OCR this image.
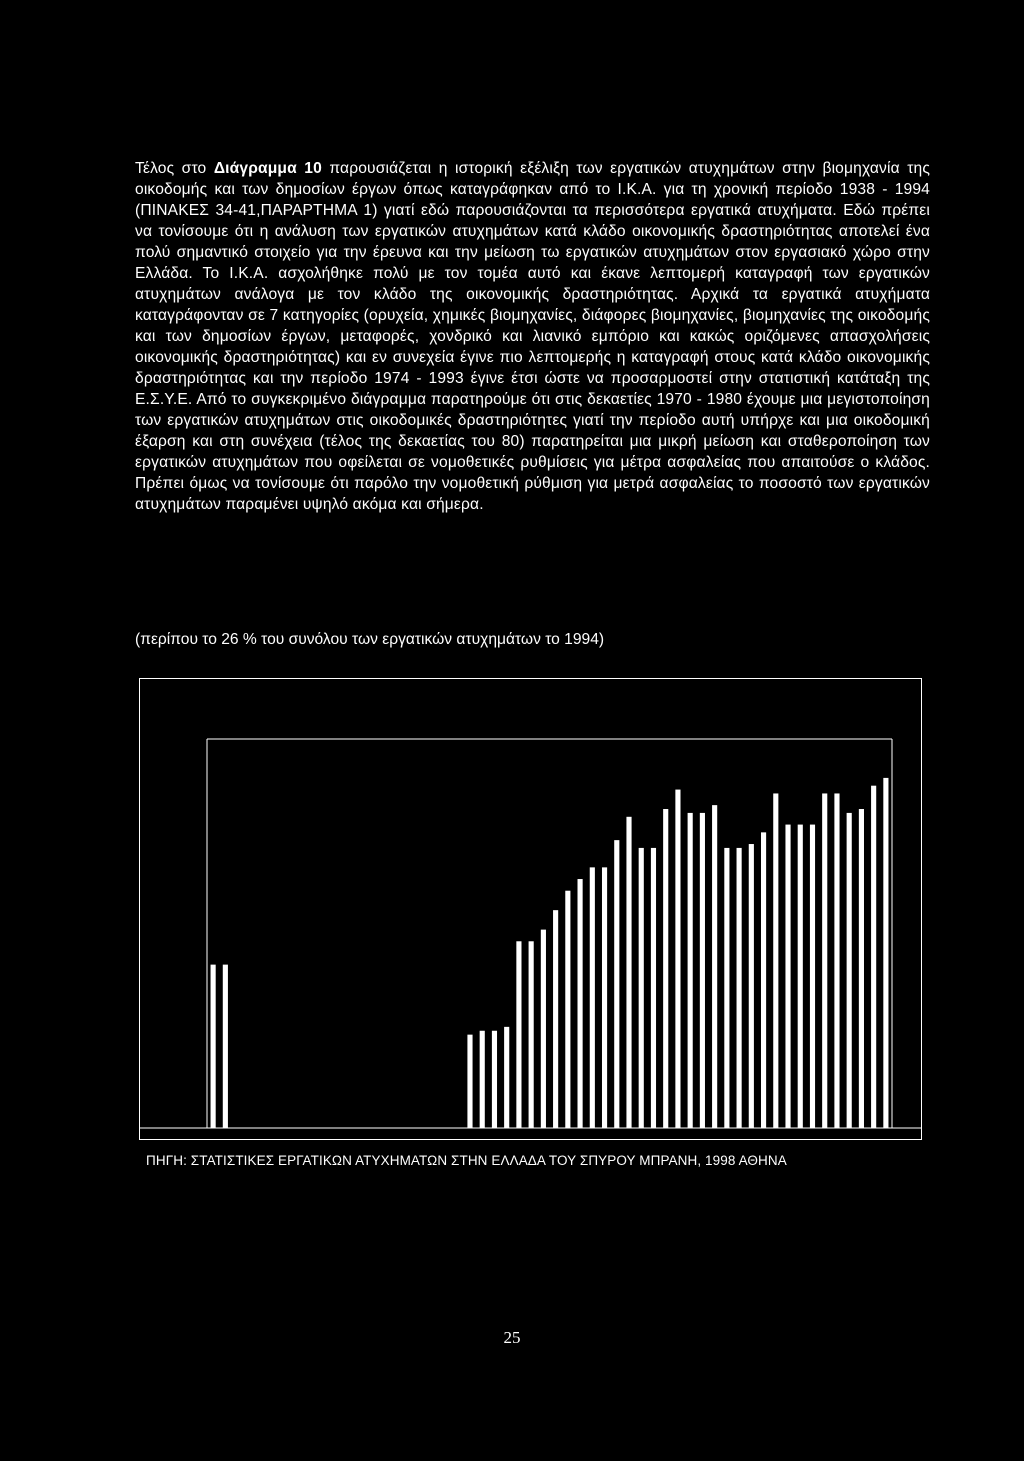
Τέλος στο Διάγραμμα 10 παρουσιάζεται η ιστορική εξέλιξη των εργατικών ατυχημάτων στην βιομηχανία της οικοδομής και των δημοσίων έργων όπως καταγράφηκαν από το Ι.Κ.Α. για τη χρονική περίοδο 1938 - 1994 (ΠΙΝΑΚΕΣ 34-41,ΠΑΡΑΡΤΗΜΑ 1) γιατί εδώ παρουσιάζονται τα περισσότερα εργατικά ατυχήματα. Εδώ πρέπει να τονίσουμε ότι η ανάλυση των εργατικών ατυχημάτων κατά κλάδο οικονομικής δραστηριότητας αποτελεί ένα πολύ σημαντικό στοιχείο για την έρευνα και την μείωση τω εργατικών ατυχημάτων στον εργασιακό χώρο στην Ελλάδα. Το Ι.Κ.Α. ασχολήθηκε πολύ με τον τομέα αυτό και έκανε λεπτομερή καταγραφή των εργατικών ατυχημάτων ανάλογα με τον κλάδο της οικονομικής δραστηριότητας. Αρχικά τα εργατικά ατυχήματα καταγράφονταν σε 7 κατηγορίες (ορυχεία, χημικές βιομηχανίες, διάφορες βιομηχανίες, βιομηχανίες της οικοδομής και των δημοσίων έργων, μεταφορές, χονδρικό και λιανικό εμπόριο και κακώς οριζόμενες απασχολήσεις οικονομικής δραστηριότητας) και εν συνεχεία έγινε πιο λεπτομερής η καταγραφή στους κατά κλάδο οικονομικής δραστηριότητας και την περίοδο 1974 - 1993 έγινε έτσι ώστε να προσαρμοστεί στην στατιστική κατάταξη της Ε.Σ.Υ.Ε. Από το συγκεκριμένο διάγραμμα παρατηρούμε ότι στις δεκαετίες 1970 - 1980 έχουμε μια μεγιστοποίηση των εργατικών ατυχημάτων στις οικοδομικές δραστηριότητες γιατί την περίοδο αυτή υπήρχε και μια οικοδομική έξαρση και στη συνέχεια (τέλος της δεκαετίας του 80) παρατηρείται μια μικρή μείωση και σταθεροποίηση των εργατικών ατυχημάτων που οφείλεται σε νομοθετικές ρυθμίσεις για μέτρα ασφαλείας που απαιτούσε ο κλάδος. Πρέπει όμως να τονίσουμε ότι παρόλο την νομοθετική ρύθμιση για μετρά ασφαλείας το ποσοστό των εργατικών ατυχημάτων παραμένει υψηλό ακόμα και σήμερα.
(περίπου το 26 % του συνόλου των εργατικών ατυχημάτων το 1994)
ΠΗΓΗ: ΣΤΑΤΙΣΤΙΚΕΣ ΕΡΓΑΤΙΚΩΝ ΑΤΥΧΗΜΑΤΩΝ ΣΤΗΝ ΕΛΛΑΔΑ ΤΟΥ ΣΠΥΡΟΥ ΜΠΡΑΝΗ, 1998 ΑΘΗΝΑ
25
